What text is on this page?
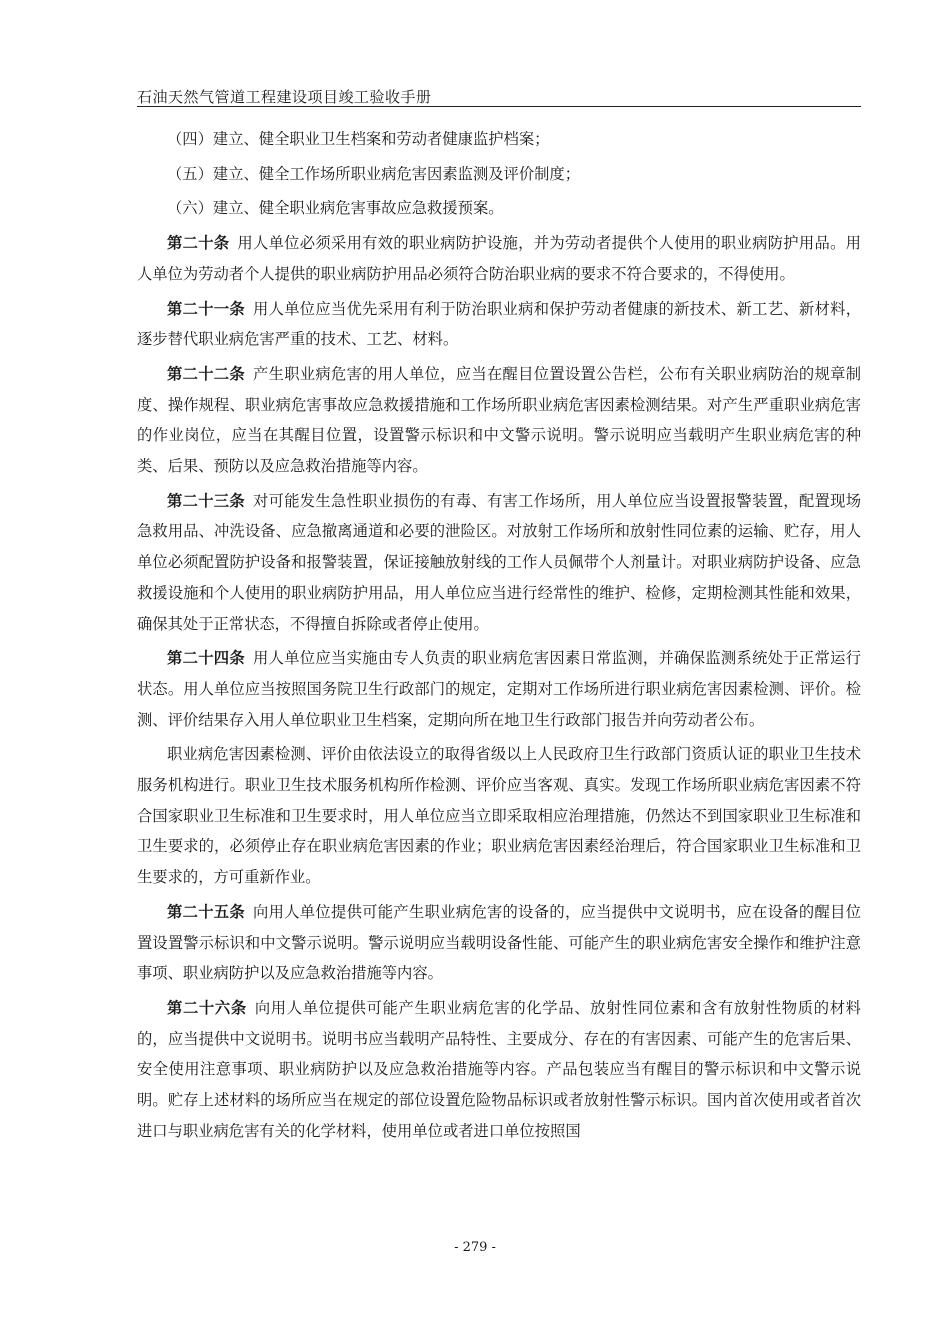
石油天然气管道工程建设项目竣工验收手册

（四）建立、健全职业卫生档案和劳动者健康监护档案；

（五）建立、健全工作场所职业病危害因素监测及评价制度；

（六）建立、健全职业病危害事故应急救援预案。

第二十条 用人单位必须采用有效的职业病防护设施，并为劳动者提供个人使用的职业病防护用品。用人单位为劳动者个人提供的职业病防护用品必须符合防治职业病的要求不符合要求的，不得使用。

第二十一条 用人单位应当优先采用有利于防治职业病和保护劳动者健康的新技术、新工艺、新材料，逐步替代职业病危害严重的技术、工艺、材料。

第二十二条 产生职业病危害的用人单位，应当在醒目位置设置公告栏，公布有关职业病防治的规章制度、操作规程、职业病危害事故应急救援措施和工作场所职业病危害因素检测结果。对产生严重职业病危害的作业岗位，应当在其醒目位置，设置警示标识和中文警示说明。警示说明应当载明产生职业病危害的种类、后果、预防以及应急救治措施等内容。

第二十三条 对可能发生急性职业损伤的有毒、有害工作场所，用人单位应当设置报警装置，配置现场急救用品、冲洗设备、应急撤离通道和必要的泄险区。对放射工作场所和放射性同位素的运输、贮存，用人单位必须配置防护设备和报警装置，保证接触放射线的工作人员佩带个人剂量计。对职业病防护设备、应急救援设施和个人使用的职业病防护用品，用人单位应当进行经常性的维护、检修，定期检测其性能和效果，确保其处于正常状态，不得擅自拆除或者停止使用。

第二十四条 用人单位应当实施由专人负责的职业病危害因素日常监测，并确保监测系统处于正常运行状态。用人单位应当按照国务院卫生行政部门的规定，定期对工作场所进行职业病危害因素检测、评价。检测、评价结果存入用人单位职业卫生档案，定期向所在地卫生行政部门报告并向劳动者公布。

职业病危害因素检测、评价由依法设立的取得省级以上人民政府卫生行政部门资质认证的职业卫生技术服务机构进行。职业卫生技术服务机构所作检测、评价应当客观、真实。发现工作场所职业病危害因素不符合国家职业卫生标准和卫生要求时，用人单位应当立即采取相应治理措施，仍然达不到国家职业卫生标准和卫生要求的，必须停止存在职业病危害因素的作业；职业病危害因素经治理后，符合国家职业卫生标准和卫生要求的，方可重新作业。

第二十五条 向用人单位提供可能产生职业病危害的设备的，应当提供中文说明书，应在设备的醒目位置设置警示标识和中文警示说明。警示说明应当载明设备性能、可能产生的职业病危害安全操作和维护注意事项、职业病防护以及应急救治措施等内容。

第二十六条 向用人单位提供可能产生职业病危害的化学品、放射性同位素和含有放射性物质的材料的，应当提供中文说明书。说明书应当载明产品特性、主要成分、存在的有害因素、可能产生的危害后果、安全使用注意事项、职业病防护以及应急救治措施等内容。产品包装应当有醒目的警示标识和中文警示说明。贮存上述材料的场所应当在规定的部位设置危险物品标识或者放射性警示标识。国内首次使用或者首次进口与职业病危害有关的化学材料，使用单位或者进口单位按照国

- 279 -
